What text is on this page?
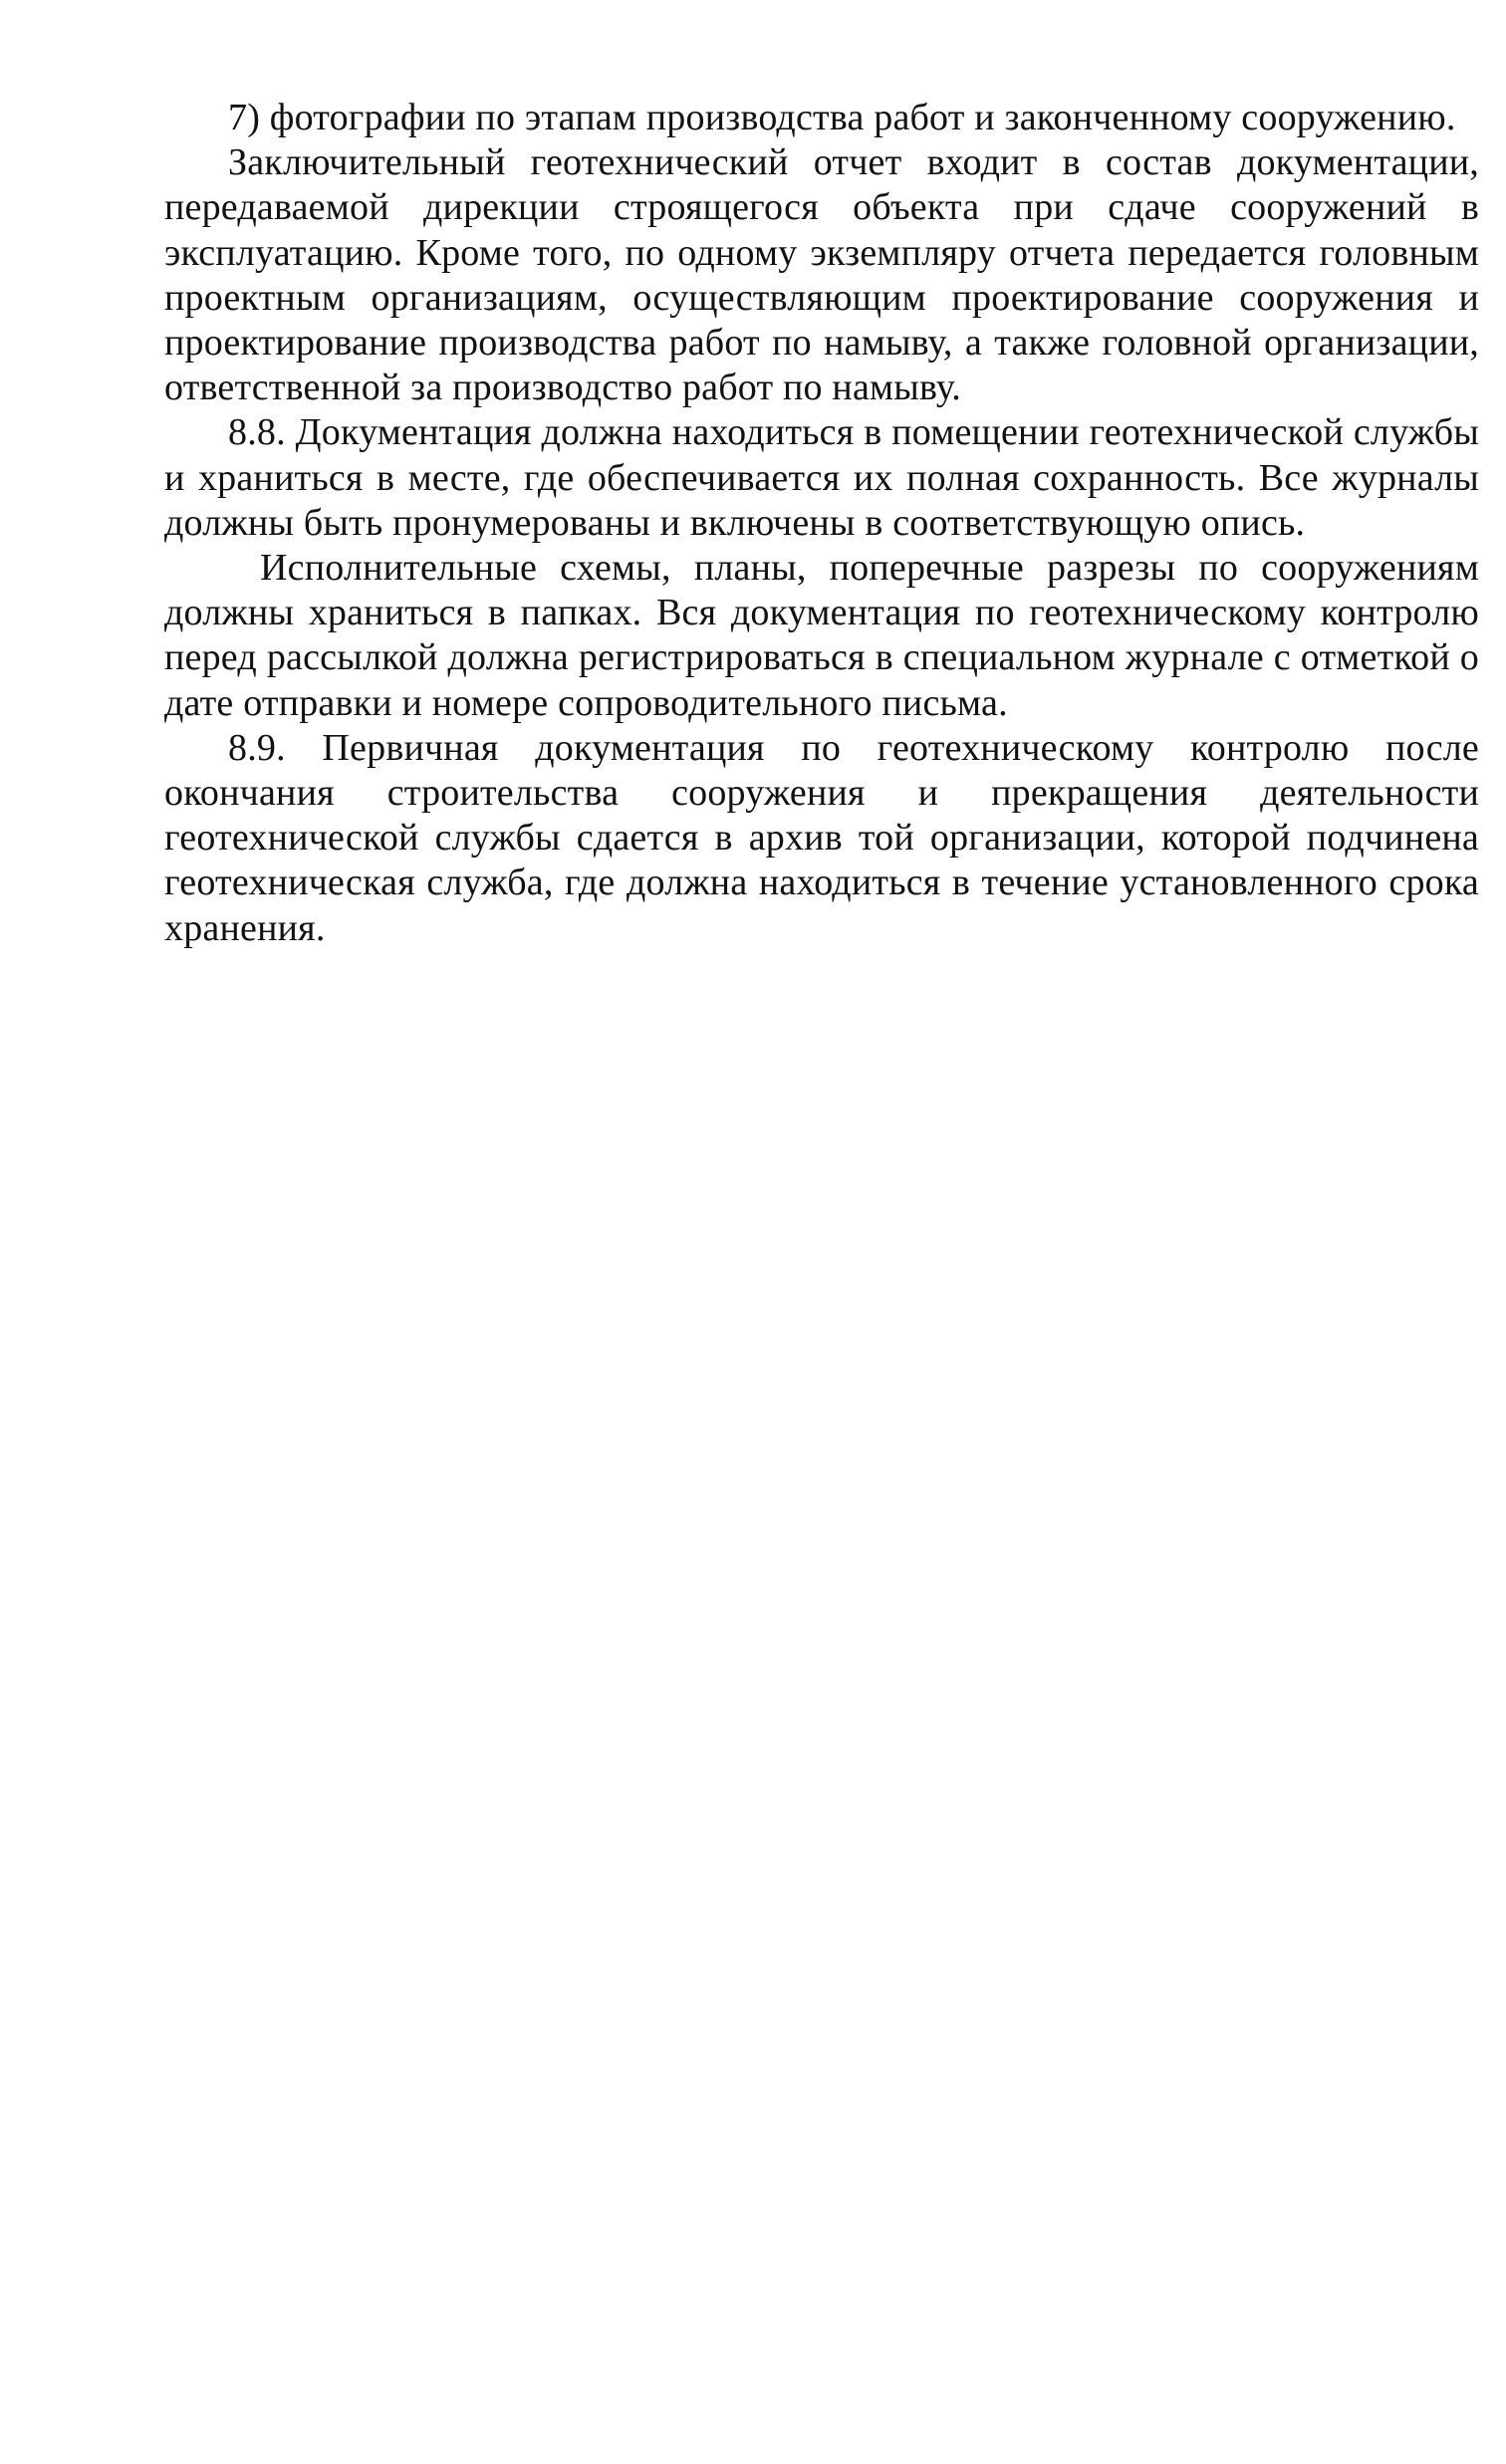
7) фотографии по этапам производства работ и законченному сооружению.

Заключительный геотехнический отчет входит в состав документации, передаваемой дирекции строящегося объекта при сдаче сооружений в эксплуатацию. Кроме того, по одному экземпляру отчета передается головным проектным организациям, осуществляющим проектирование сооружения и проектирование производства работ по намыву, а также головной организации, ответственной за производство работ по намыву.

8.8. Документация должна находиться в помещении геотехнической службы и храниться в месте, где обеспечивается их полная сохранность. Все журналы должны быть пронумерованы и включены в соответствующую опись.

Исполнительные схемы, планы, поперечные разрезы по сооружениям должны храниться в папках. Вся документация по геотехническому контролю перед рассылкой должна регистрироваться в специальном журнале с отметкой о дате отправки и номере сопроводительного письма.

8.9. Первичная документация по геотехническому контролю после окончания строительства сооружения и прекращения деятельности геотехнической службы сдается в архив той организации, которой подчинена геотехническая служба, где должна находиться в течение установленного срока хранения.
